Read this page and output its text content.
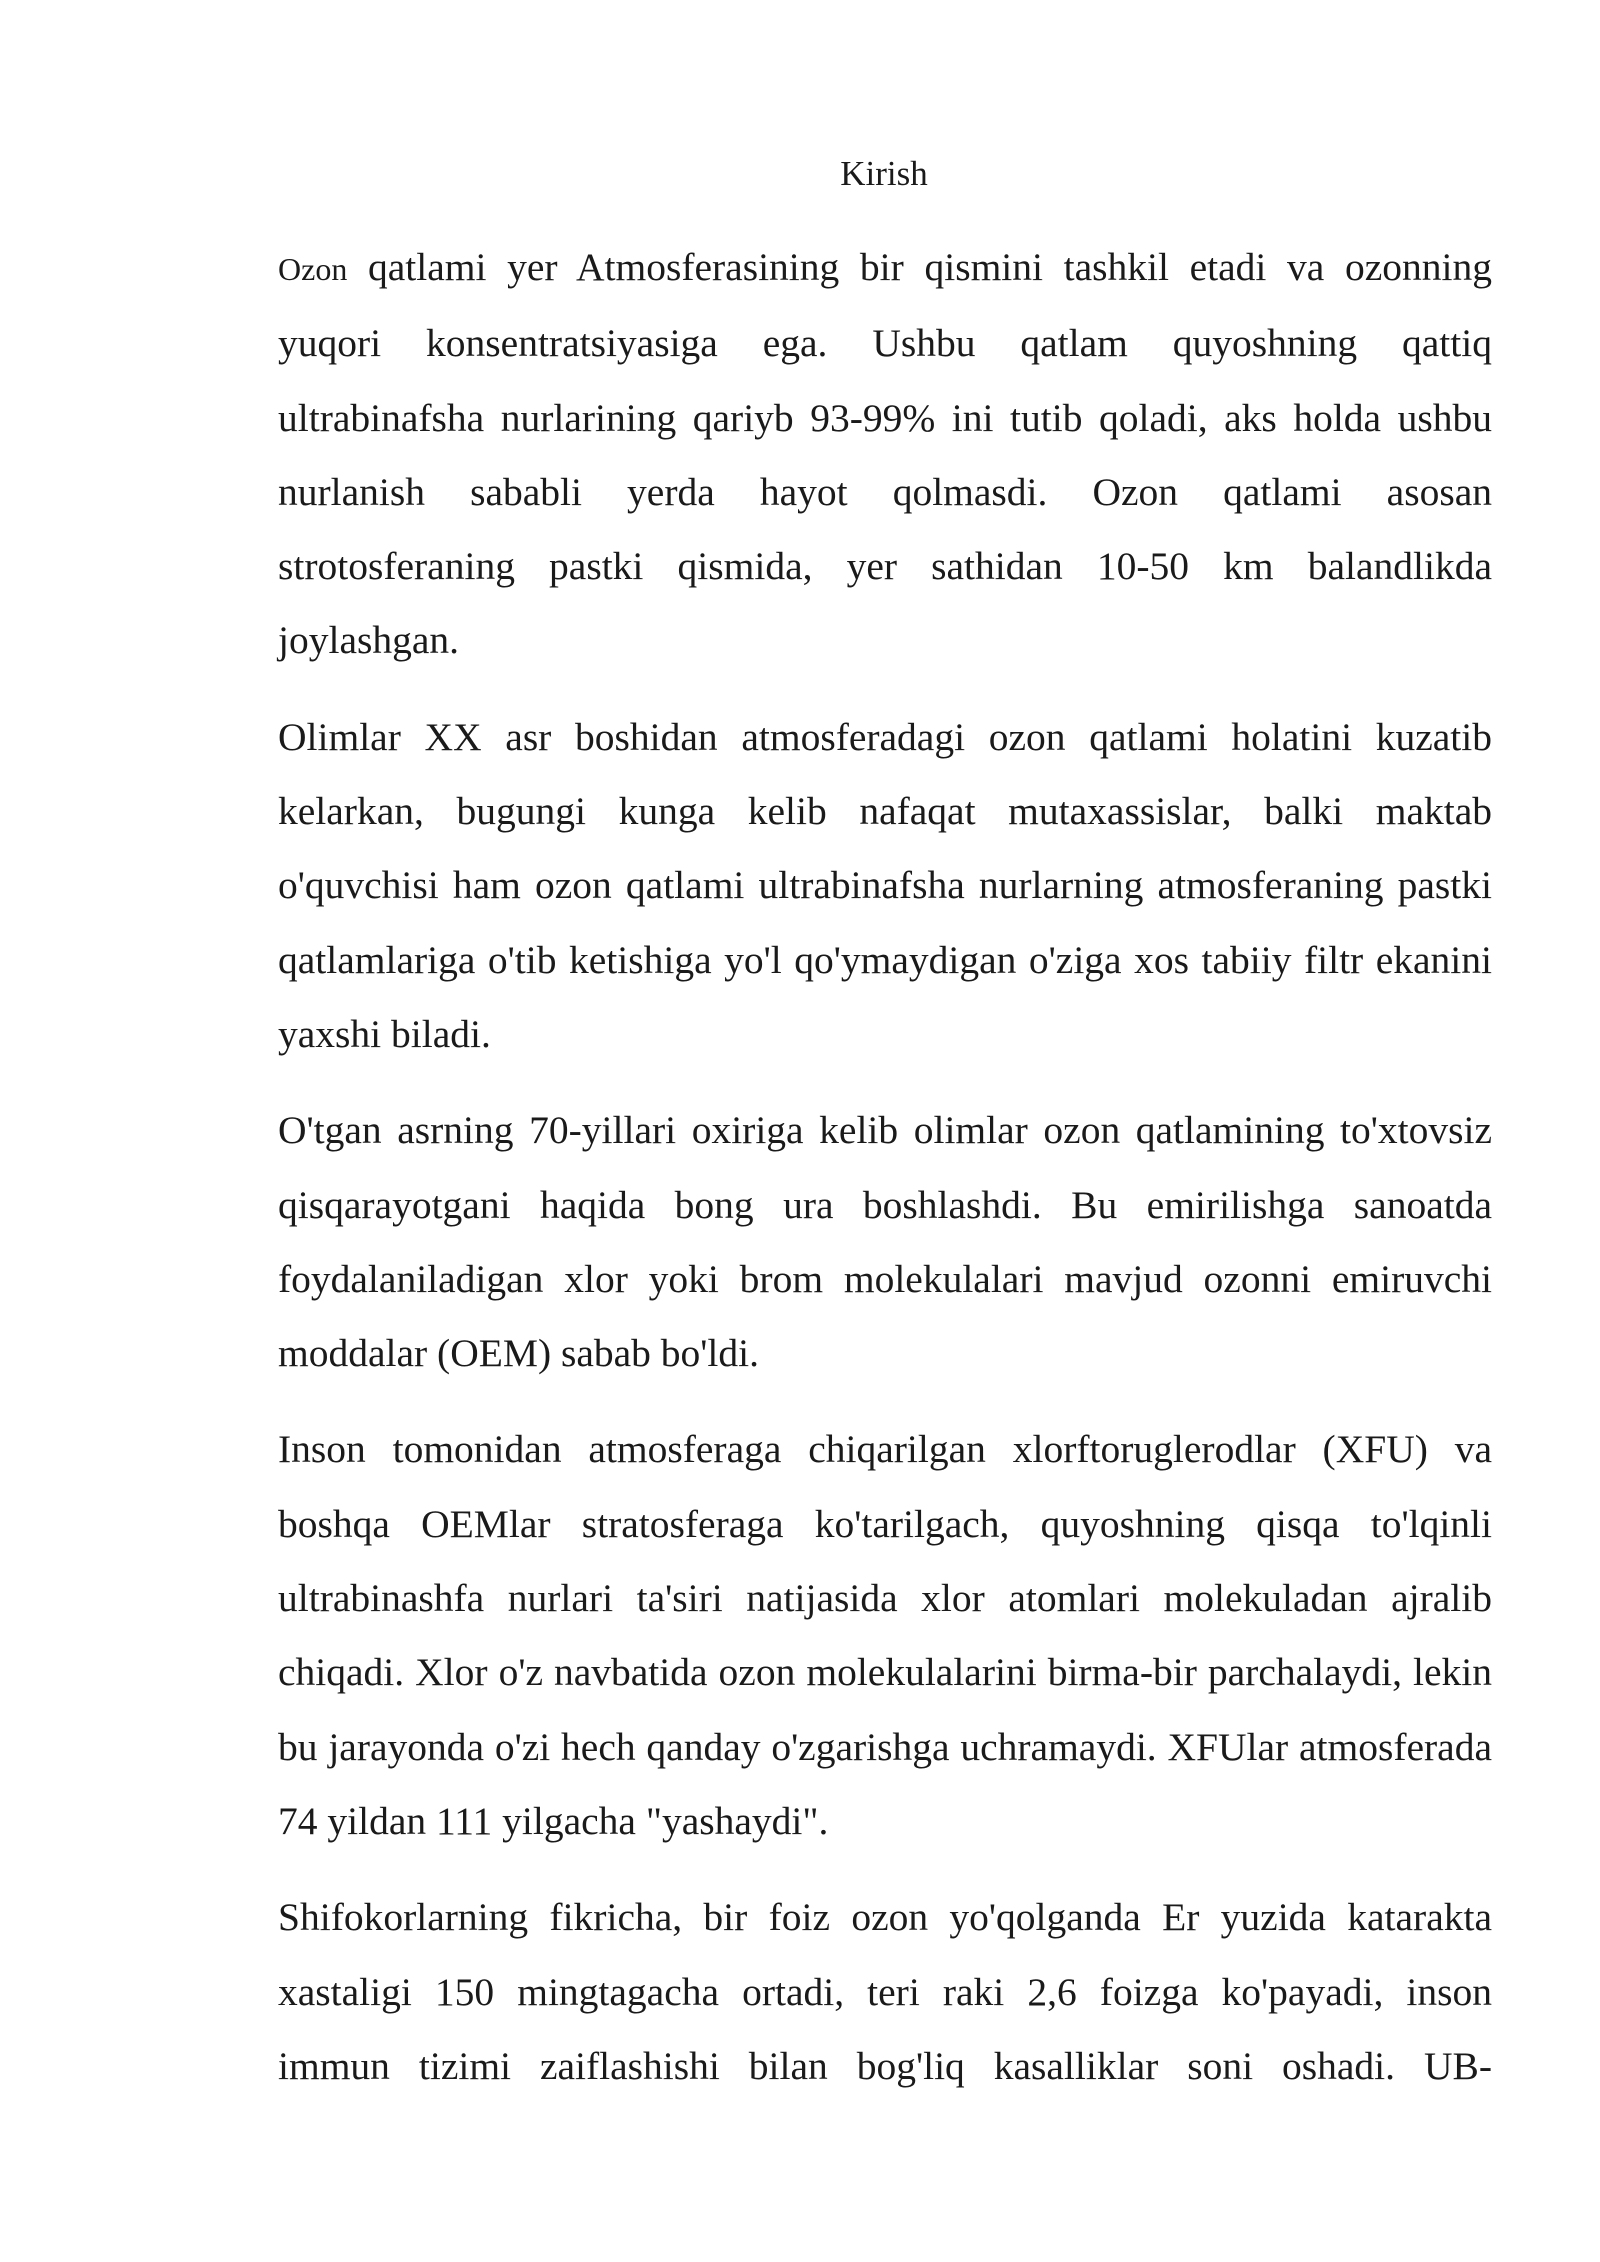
Kirish

Ozon qatlami yer Atmosferasining bir qismini tashkil etadi va ozonning yuqori konsentratsiyasiga ega. Ushbu qatlam quyoshning qattiq ultrabinafsha nurlarining qariyb 93-99% ini tutib qoladi, aks holda ushbu nurlanish sababli yerda hayot qolmasdi. Ozon qatlami asosan strotosferaning pastki qismida, yer sathidan 10-50 km balandlikda joylashgan.

Olimlar XX asr boshidan atmosferadagi ozon qatlami holatini kuzatib kelarkan, bugungi kunga kelib nafaqat mutaxassislar, balki maktab o'quvchisi ham ozon qatlami ultrabinafsha nurlarning atmosferaning pastki qatlamlariga o'tib ketishiga yo'l qo'ymaydigan o'ziga xos tabiiy filtr ekanini yaxshi biladi.

O'tgan asrning 70-yillari oxiriga kelib olimlar ozon qatlamining to'xtovsiz qisqarayotgani haqida bong ura boshlashdi. Bu emirilishga sanoatda foydalaniladigan xlor yoki brom molekulalari mavjud ozonni emiruvchi moddalar (OEM) sabab bo'ldi.

Inson tomonidan atmosferaga chiqarilgan xlorftoruglerodlar (XFU) va boshqa OEMlar stratosferaga ko'tarilgach, quyoshning qisqa to'lqinli ultrabinashfa nurlari ta'siri natijasida xlor atomlari molekuladan ajralib chiqadi. Xlor o'z navbatida ozon molekulalarini birma-bir parchalaydi, lekin bu jarayonda o'zi hech qanday o'zgarishga uchramaydi. XFUlar atmosferada 74 yildan 111 yilgacha "yashaydi".

Shifokorlarning fikricha, bir foiz ozon yo'qolganda Er yuzida katarakta xastaligi 150 mingtagacha ortadi, teri raki 2,6 foizga ko'payadi, inson immun tizimi zaiflashishi bilan bog'liq kasalliklar soni oshadi. UB-
